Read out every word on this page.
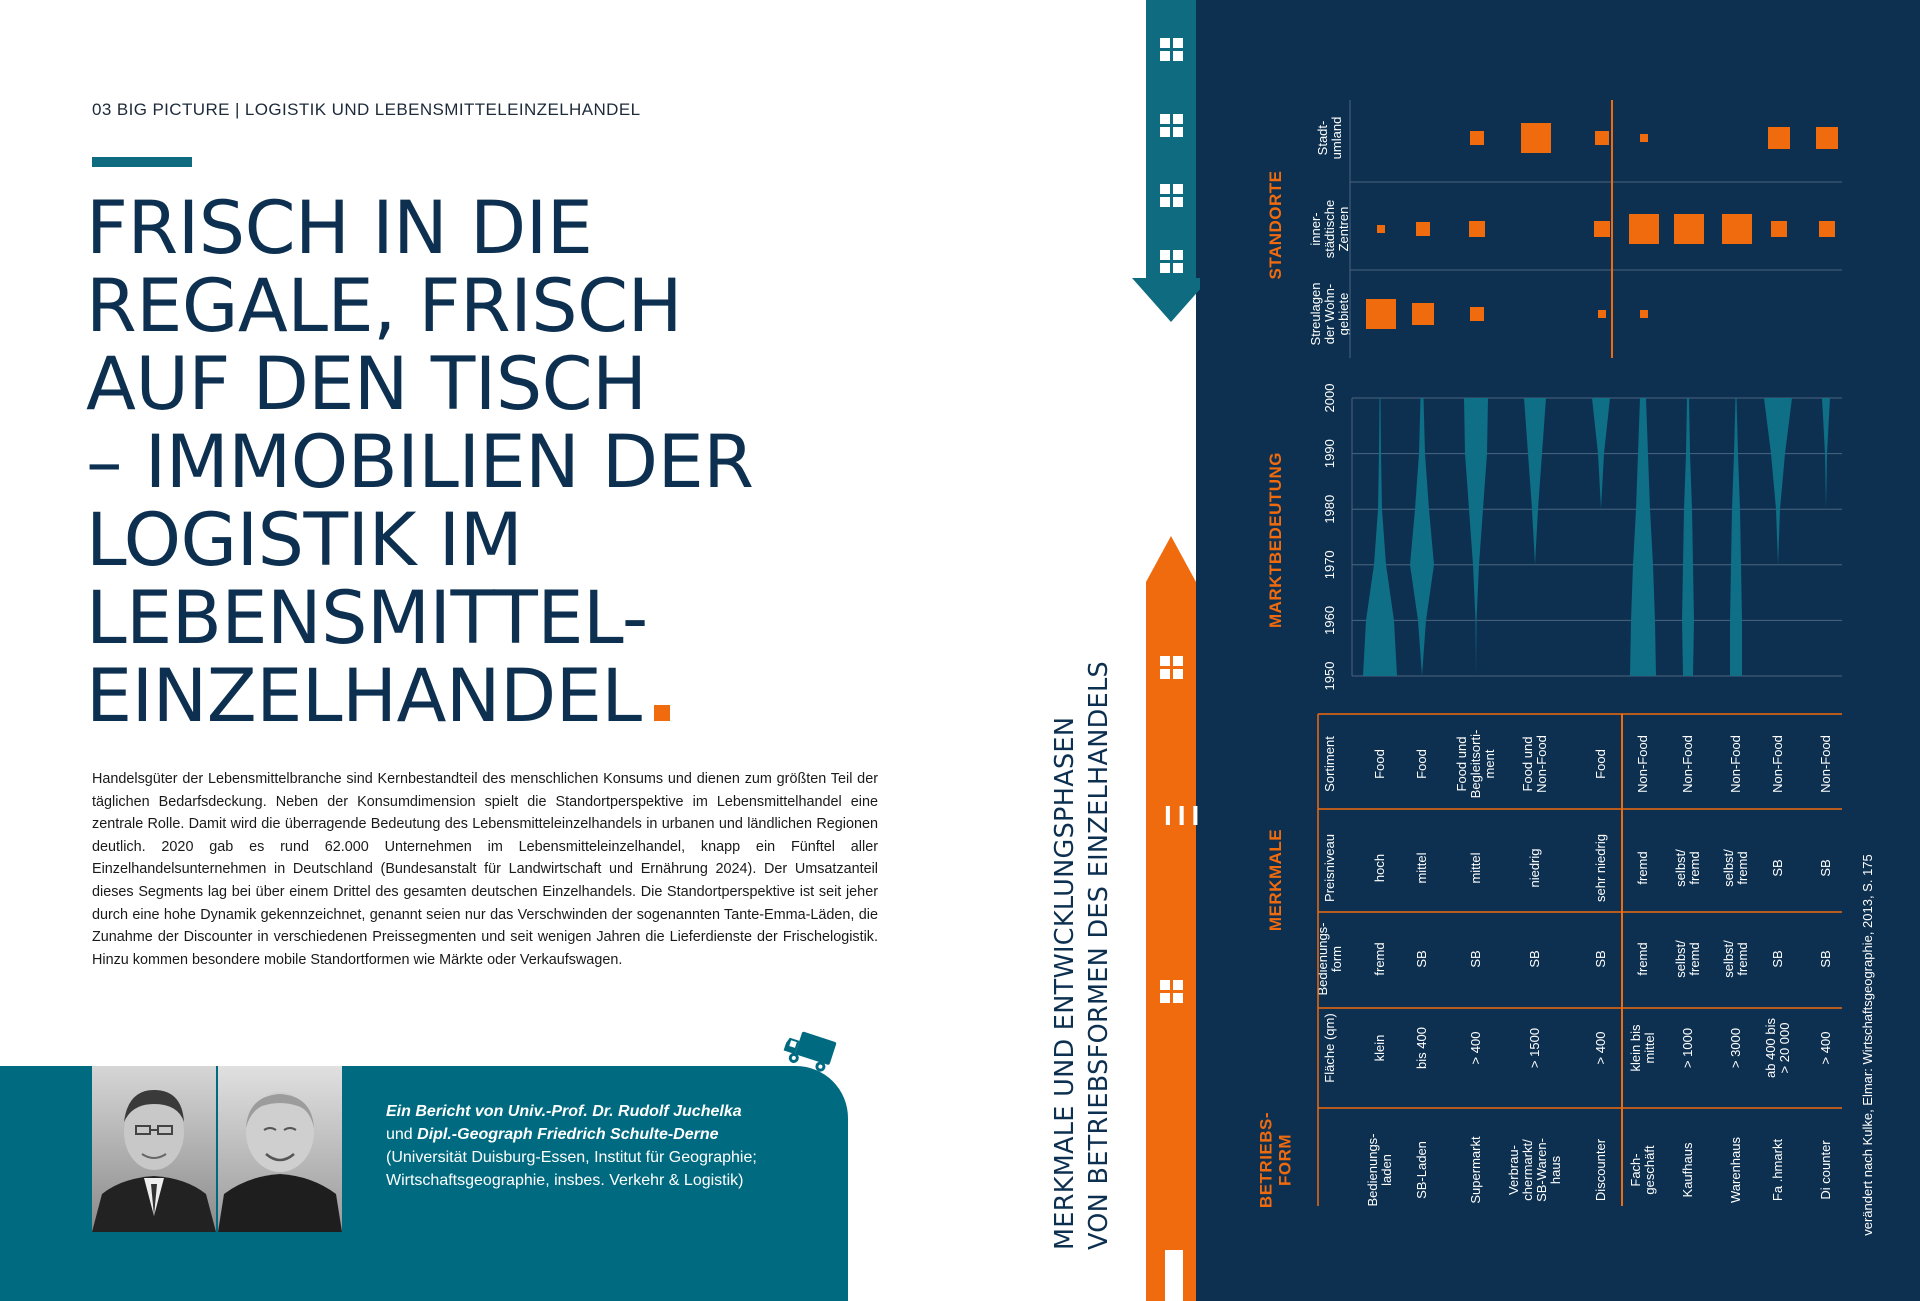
03 BIG PICTURE | LOGISTIK UND LEBENSMITTELEINZELHANDEL
FRISCH IN DIE
REGALE, FRISCH
AUF DEN TISCH
– IMMOBILIEN DER
LOGISTIK IM
LEBENSMITTEL-
EINZELHANDEL

Handelsgüter der Lebensmittelbranche sind Kernbestandteil des menschlichen Konsums und dienen zum größten Teil der täglichen Bedarfsdeckung. Neben der Konsumdimension spielt die Standortperspektive im Lebensmittelhandel eine zentrale Rolle. Damit wird die überragende Bedeutung des Lebensmitteleinzelhandels in urbanen und ländlichen Regionen deutlich. 2020 gab es rund 62.000 Unternehmen im Lebensmitteleinzelhandel, knapp ein Fünftel aller Einzelhandelsunternehmen in Deutschland (Bundesanstalt für Landwirtschaft und Ernährung 2024). Der Umsatzanteil dieses Segments lag bei über einem Drittel des gesamten deutschen Einzelhandels. Die Standortperspektive ist seit jeher durch eine hohe Dynamik gekennzeichnet, genannt seien nur das Verschwinden der sogenannten Tante-Emma-Läden, die Zunahme der Discounter in verschiedenen Preissegmenten und seit wenigen Jahren die Lieferdienste der Frischelogistik. Hinzu kommen besondere mobile Standortformen wie Märkte oder Verkaufswagen.

Ein Bericht von Univ.-Prof. Dr. Rudolf Juchelka
und Dipl.-Geograph Friedrich Schulte-Derne
(Universität Duisburg-Essen, Institut für Geographie;
Wirtschaftsgeographie, insbes. Verkehr & Logistik)	MERKMALE UND ENTWICKLUNGSPHASEN VON BETRIEBSFORMEN DES EINZELHANDELS III
Fläche (qm)
Bedienungs-form
Preisniveau
Sortiment
BETRIEBS-FORM
MERKMALE
MARKTBEDEUTUNG
STANDORTE
Bedienungs-laden
klein
fremd
hoch
Food
SB-Laden
bis 400
SB
mittel
Food
Supermarkt
> 400
SB
mittel
Food undBegleitsorti-ment
Verbrau-chermarkt/SB-Waren-haus
> 1500
SB
niedrig
Food undNon-Food
Discounter
> 400
SB
sehr niedrig
Food
Fach-geschäft
klein bismittel
fremd
fremd
Non-Food
Kaufhaus
> 1000
selbst/fremd
selbst/fremd
Non-Food
Warenhaus
> 3000
selbst/fremd
selbst/fremd
Non-Food
Fa .hmarkt
ab 400 bis> 20 000
SB
SB
Non-Food
Di counter
> 400
SB
SB
Non-Food
1950
1960
1970
1980
1990
2000
Streulagender Wohn-gebiete
inner-städtischeZentren
Stadt-umland
verändert nach Kulke, Elmar: Wirtschaftsgeographie, 2013, S. 175
